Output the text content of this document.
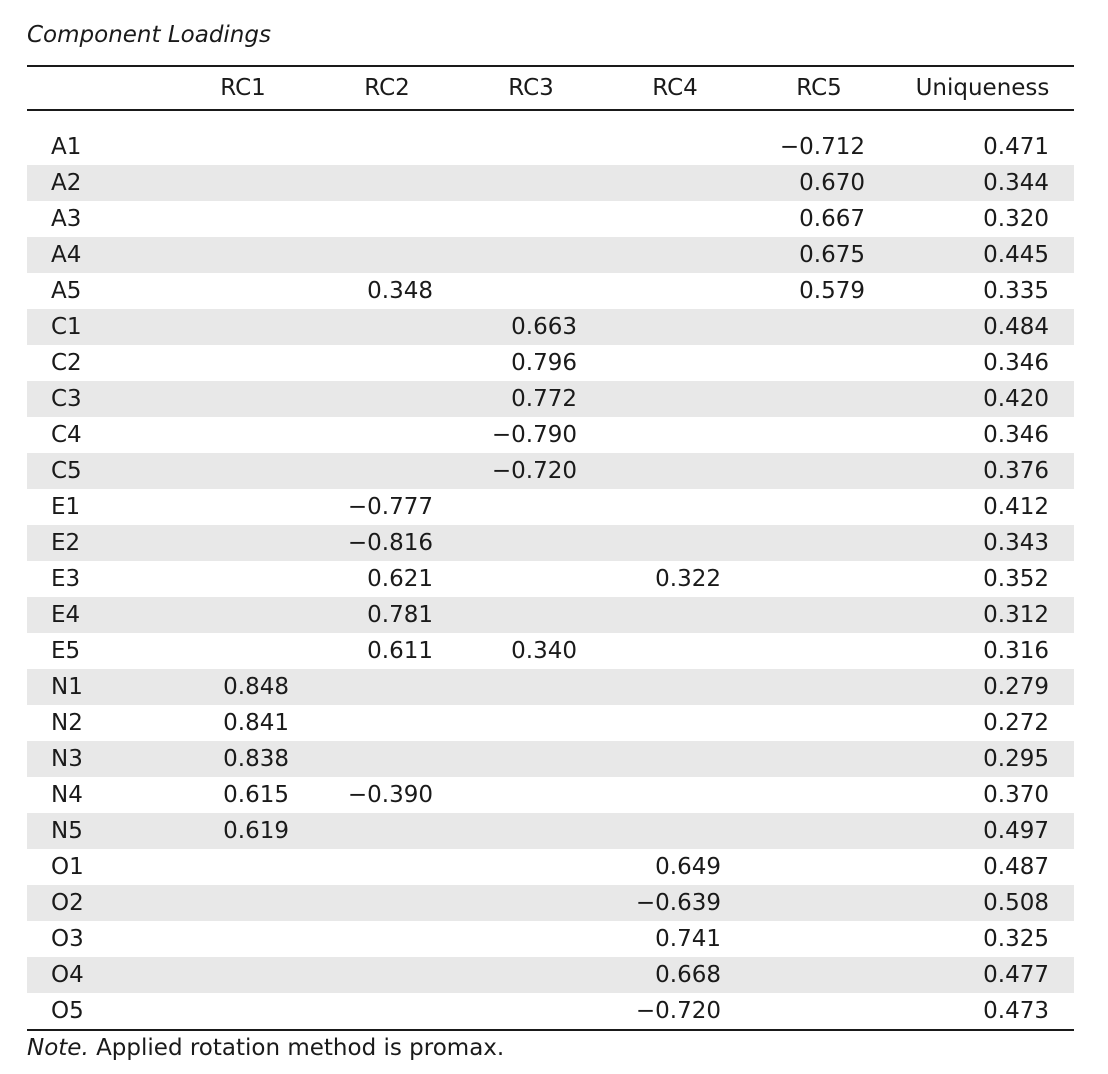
Component Loadings
	RC1	RC2	RC3	RC4	RC5	Uniqueness

A1					−0.712	0.471
A2					0.670	0.344
A3					0.667	0.320
A4					0.675	0.445
A5		0.348			0.579	0.335
C1			0.663			0.484
C2			0.796			0.346
C3			0.772			0.420
C4			−0.790			0.346
C5			−0.720			0.376
E1		−0.777				0.412
E2		−0.816				0.343
E3		0.621		0.322		0.352
E4		0.781				0.312
E5		0.611	0.340			0.316
N1	0.848					0.279
N2	0.841					0.272
N3	0.838					0.295
N4	0.615	−0.390				0.370
N5	0.619					0.497
O1				0.649		0.487
O2				−0.639		0.508
O3				0.741		0.325
O4				0.668		0.477
O5				−0.720		0.473

Note. Applied rotation method is promax.
